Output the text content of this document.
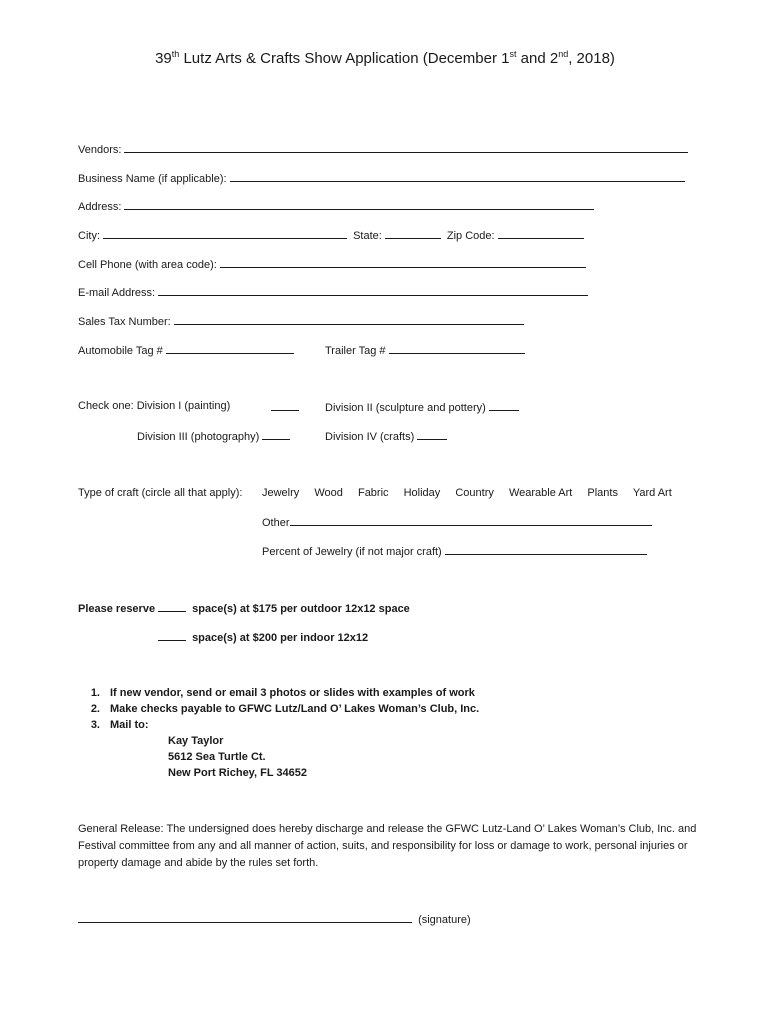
39th Lutz Arts & Crafts Show Application (December 1st and 2nd, 2018)
Vendors:
Business Name (if applicable):
Address:
City:	State:	Zip Code:
Cell Phone (with area code):
E-mail Address:
Sales Tax Number:
Automobile Tag #	Trailer Tag #
Check one: Division I (painting)	Division II (sculpture and pottery)
Division III (photography)	Division IV (crafts)
Type of craft (circle all that apply): Jewelry Wood Fabric Holiday Country Wearable Art Plants Yard Art
Other
Percent of Jewelry (if not major craft)
Please reserve	space(s) at $175 per outdoor 12x12 space
space(s) at $200 per indoor 12x12
1. If new vendor, send or email 3 photos or slides with examples of work
2. Make checks payable to GFWC Lutz/Land O’ Lakes Woman’s Club, Inc.
3. Mail to:
Kay Taylor
5612 Sea Turtle Ct.
New Port Richey, FL 34652
General Release: The undersigned does hereby discharge and release the GFWC Lutz-Land O’ Lakes Woman’s Club, Inc. and Festival committee from any and all manner of action, suits, and responsibility for loss or damage to work, personal injuries or property damage and abide by the rules set forth.
(signature)
